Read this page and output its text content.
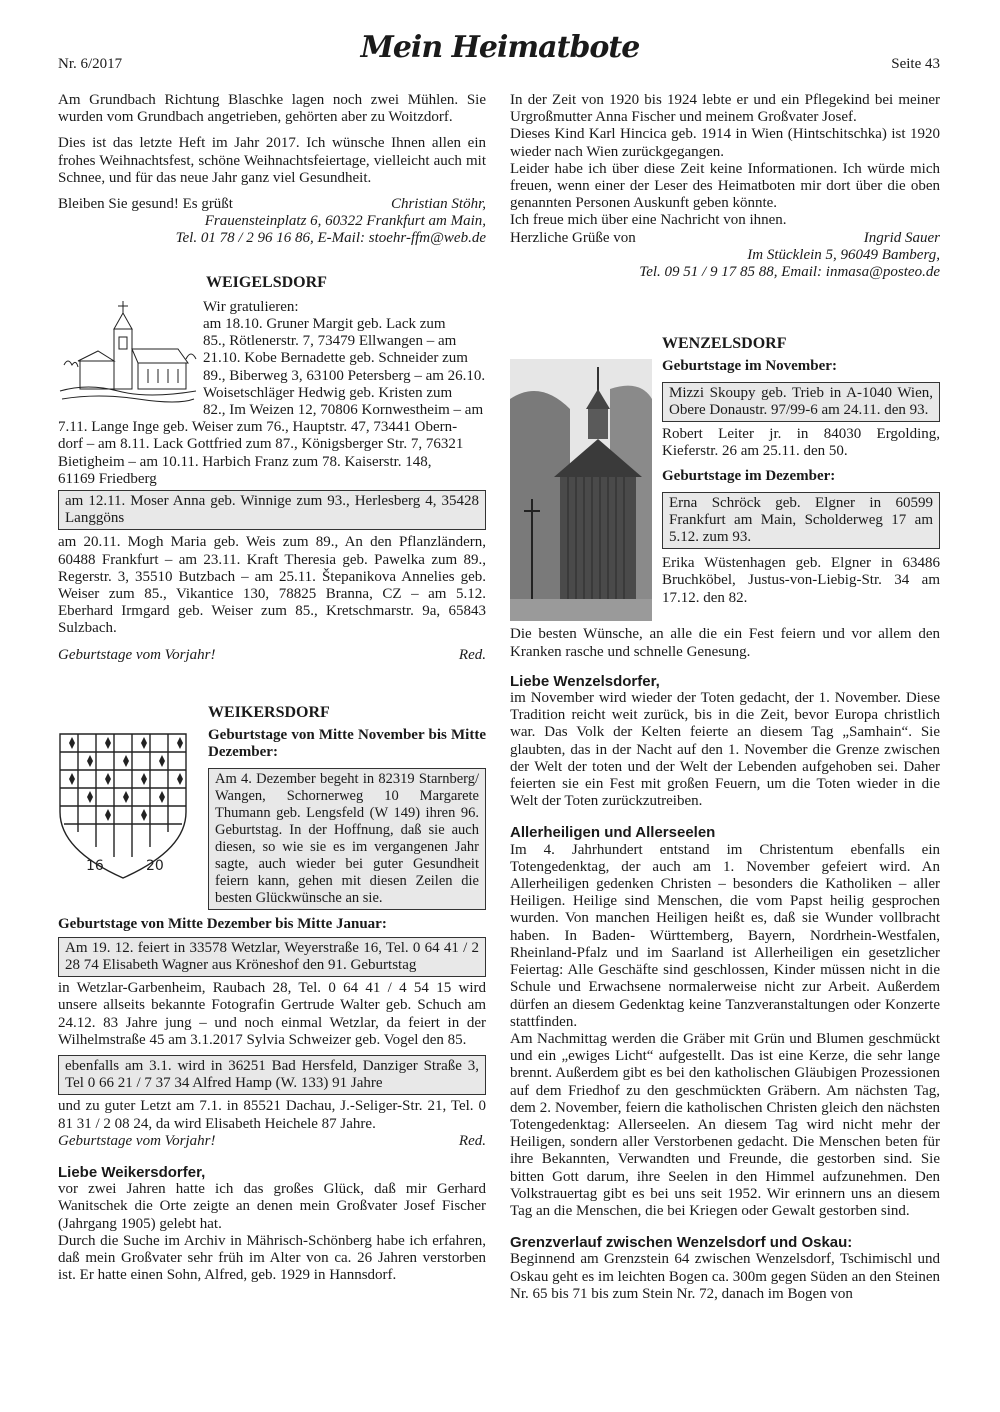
Nr. 6/2017	Mein Heimatbote	Seite 43

Am Grundbach Richtung Blaschke lagen noch zwei Mühlen. Sie wurden vom Grundbach angetrieben, gehörten aber zu Woitzdorf.

Dies ist das letzte Heft im Jahr 2017. Ich wünsche Ihnen allen ein frohes Weihnachtsfest, schöne Weihnachtsfeiertage, vielleicht auch mit Schnee, und für das neue Jahr ganz viel Gesundheit.

Bleiben Sie gesund! Es grüßt	Christian Stöhr,

Frauensteinplatz 6, 60322 Frankfurt am Main,

Tel. 01 78 / 2 96 16 86, E-Mail: stoehr-ffm@web.de

WEIGELSDORF

Wir gratulieren:

am 18.10. Gruner Margit geb. Lack zum

85., Rötlenerstr. 7, 73479 Ellwangen – am

21.10. Kobe Bernadette geb. Schneider zum

89., Biberweg 3, 63100 Petersberg – am 26.10.

Woisetschläger Hedwig geb. Kristen zum

82., Im Weizen 12, 70806 Kornwestheim – am

7.11. Lange Inge geb. Weiser zum 76., Hauptstr. 47, 73441 Obern-

dorf – am 8.11. Lack Gottfried zum 87., Königsberger Str. 7, 76321

Bietigheim – am 10.11. Harbich Franz zum 78. Kaiserstr. 148,

61169 Friedberg

am 12.11. Moser Anna geb. Winnige zum 93., Herlesberg 4, 35428 Langgöns

am 20.11. Mogh Maria geb. Weis zum 89., An den Pflanzländern, 60488 Frankfurt – am 23.11. Kraft Theresia geb. Pawelka zum 89., Regerstr. 3, 35510 Butzbach – am 25.11. Štepanikova Annelies geb. Weiser zum 85., Vikantice 130, 78825 Branna, CZ – am 5.12. Eberhard Irmgard geb. Weiser zum 85., Kretschmarstr. 9a, 65843 Sulzbach.

Geburtstage vom Vorjahr!	Red.
16	20

WEIKERSDORF

Geburtstage von Mitte November bis Mitte Dezember:

Am 4. Dezember begeht in 82319 Starnberg/ Wangen, Schornerweg 10 Margarete Thumann geb. Lengsfeld (W 149) ihren 96. Geburtstag. In der Hoffnung, daß sie auch diesen, so wie sie es im vergangenen Jahr sagte, auch wieder bei guter Gesundheit feiern kann, gehen mit diesen Zeilen die besten Glückwünsche an sie.

Geburtstage von Mitte Dezember bis Mitte Januar:

Am 19. 12. feiert in 33578 Wetzlar, Weyerstraße 16, Tel. 0 64 41 / 2 28 74 Elisabeth Wagner aus Kröneshof den 91. Geburtstag

in Wetzlar-Garbenheim, Raubach 28, Tel. 0 64 41 / 4 54 15 wird unsere allseits bekannte Fotografin Gertrude Walter geb. Schuch am 24.12. 83 Jahre jung – und noch einmal Wetzlar, da feiert in der Wilhelmstraße 45 am 3.1.2017 Sylvia Schweizer geb. Vogel den 85.

ebenfalls am 3.1. wird in 36251 Bad Hersfeld, Danziger Straße 3, Tel 0 66 21 / 7 37 34 Alfred Hamp (W. 133) 91 Jahre

und zu guter Letzt am 7.1. in 85521 Dachau, J.-Seliger-Str. 21, Tel. 0 81 31 / 2 08 24, da wird Elisabeth Heichele 87 Jahre.

Geburtstage vom Vorjahr!	Red.

Liebe Weikersdorfer,

vor zwei Jahren hatte ich das großes Glück, daß mir Gerhard Wanitschek die Orte zeigte an denen mein Großvater Josef Fischer (Jahrgang 1905) gelebt hat.

Durch die Suche im Archiv in Mährisch-Schönberg habe ich erfahren, daß mein Großvater sehr früh im Alter von ca. 26 Jahren verstorben ist. Er hatte einen Sohn, Alfred, geb. 1929 in Hannsdorf.

In der Zeit von 1920 bis 1924 lebte er und ein Pflegekind bei meiner Urgroßmutter Anna Fischer und meinem Großvater Josef.

Dieses Kind Karl Hincica geb. 1914 in Wien (Hintschitschka) ist 1920 wieder nach Wien zurückgegangen.

Leider habe ich über diese Zeit keine Informationen. Ich würde mich freuen, wenn einer der Leser des Heimatboten mir dort über die oben genannten Personen Auskunft geben könnte.

Ich freue mich über eine Nachricht von ihnen.

Herzliche Grüße von	Ingrid Sauer

Im Stücklein 5, 96049 Bamberg,

Tel. 09 51 / 9 17 85 88, Email: inmasa@posteo.de

WENZELSDORF

Geburtstage im November:

Mizzi Skoupy geb. Trieb in A-1040 Wien, Obere Donaustr. 97/99-6 am 24.11. den 93.

Robert Leiter jr. in 84030 Ergolding, Kieferstr. 26 am 25.11. den 50.

Geburtstage im Dezember:

Erna Schröck geb. Elgner in 60599 Frankfurt am Main, Scholderweg 17 am 5.12. zum 93.

Erika Wüstenhagen geb. Elgner in 63486 Bruchköbel, Justus-von-Liebig-Str. 34 am 17.12. den 82.

Die besten Wünsche, an alle die ein Fest feiern und vor allem den Kranken rasche und schnelle Genesung.

Liebe Wenzelsdorfer,

im November wird wieder der Toten gedacht, der 1. November. Diese Tradition reicht weit zurück, bis in die Zeit, bevor Europa christlich war. Das Volk der Kelten feierte an diesem Tag „Samhain“. Sie glaubten, das in der Nacht auf den 1. November die Grenze zwischen der Welt der toten und der Welt der Lebenden aufgehoben sei. Daher feierten sie ein Fest mit großen Feuern, um die Toten wieder in die Welt der Toten zurückzutreiben.

Allerheiligen und Allerseelen

Im 4. Jahrhundert entstand im Christentum ebenfalls ein Totengedenktag, der auch am 1. November gefeiert wird. An Allerheiligen gedenken Christen – besonders die Katholiken – aller Heiligen. Heilige sind Menschen, die vom Papst heilig gesprochen wurden. Von manchen Heiligen heißt es, daß sie Wunder vollbracht haben. In Baden- Württemberg, Bayern, Nordrhein-Westfalen, Rheinland-Pfalz und im Saarland ist Allerheiligen ein gesetzlicher Feiertag: Alle Geschäfte sind geschlossen, Kinder müssen nicht in die Schule und Erwachsene normalerweise nicht zur Arbeit. Außerdem dürfen an diesem Gedenktag keine Tanzveranstaltungen oder Konzerte stattfinden.

Am Nachmittag werden die Gräber mit Grün und Blumen geschmückt und ein „ewiges Licht“ aufgestellt. Das ist eine Kerze, die sehr lange brennt. Außerdem gibt es bei den katholischen Gläubigen Prozessionen auf dem Friedhof zu den geschmückten Gräbern. Am nächsten Tag, dem 2. November, feiern die katholischen Christen gleich den nächsten Totengedenktag: Allerseelen. An diesem Tag wird nicht mehr der Heiligen, sondern aller Verstorbenen gedacht. Die Menschen beten für ihre Bekannten, Verwandten und Freunde, die gestorben sind. Sie bitten Gott darum, ihre Seelen in den Himmel aufzunehmen. Den Volkstrauertag gibt es bei uns seit 1952. Wir erinnern uns an diesem Tag an die Menschen, die bei Kriegen oder Gewalt gestorben sind.

Grenzverlauf zwischen Wenzelsdorf und Oskau:

Beginnend am Grenzstein 64 zwischen Wenzelsdorf, Tschimischl und Oskau geht es im leichten Bogen ca. 300m gegen Süden an den Steinen Nr. 65 bis 71 bis zum Stein Nr. 72, danach im Bogen von
